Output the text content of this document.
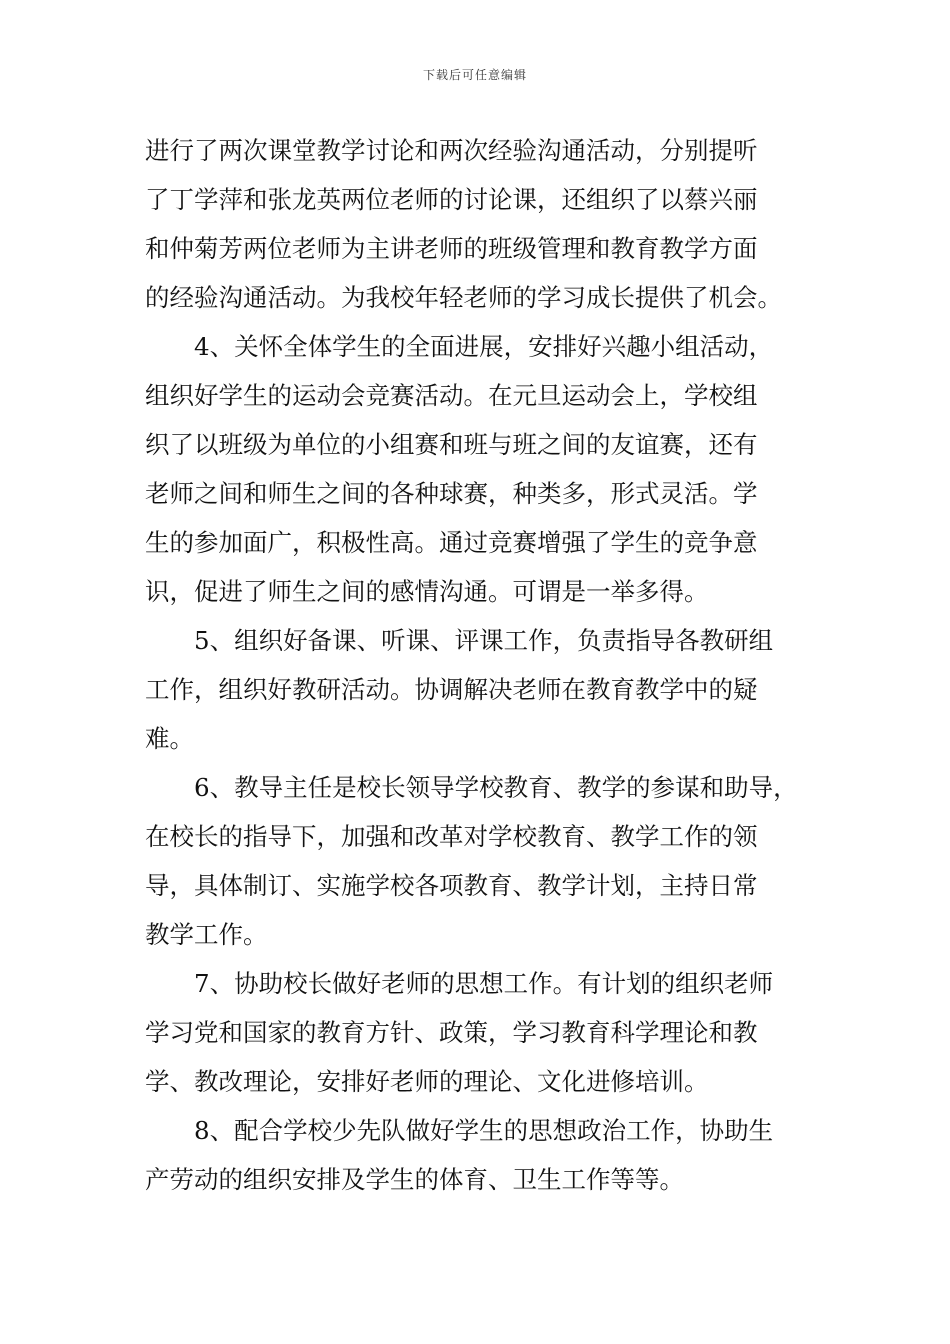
下载后可任意编辑
进行了两次课堂教学讨论和两次经验沟通活动，分别提听
了丁学萍和张龙英两位老师的讨论课，还组织了以蔡兴丽
和仲菊芳两位老师为主讲老师的班级管理和教育教学方面
的经验沟通活动。为我校年轻老师的学习成长提供了机会。
4、关怀全体学生的全面进展，安排好兴趣小组活动，
组织好学生的运动会竞赛活动。在元旦运动会上，学校组
织了以班级为单位的小组赛和班与班之间的友谊赛，还有
老师之间和师生之间的各种球赛，种类多，形式灵活。学
生的参加面广，积极性高。通过竞赛增强了学生的竞争意
识，促进了师生之间的感情沟通。可谓是一举多得。
5、组织好备课、听课、评课工作，负责指导各教研组
工作，组织好教研活动。协调解决老师在教育教学中的疑
难。
6、教导主任是校长领导学校教育、教学的参谋和助导，
在校长的指导下，加强和改革对学校教育、教学工作的领
导，具体制订、实施学校各项教育、教学计划，主持日常
教学工作。
7、协助校长做好老师的思想工作。有计划的组织老师
学习党和国家的教育方针、政策，学习教育科学理论和教
学、教改理论，安排好老师的理论、文化进修培训。
8、配合学校少先队做好学生的思想政治工作，协助生
产劳动的组织安排及学生的体育、卫生工作等等。
